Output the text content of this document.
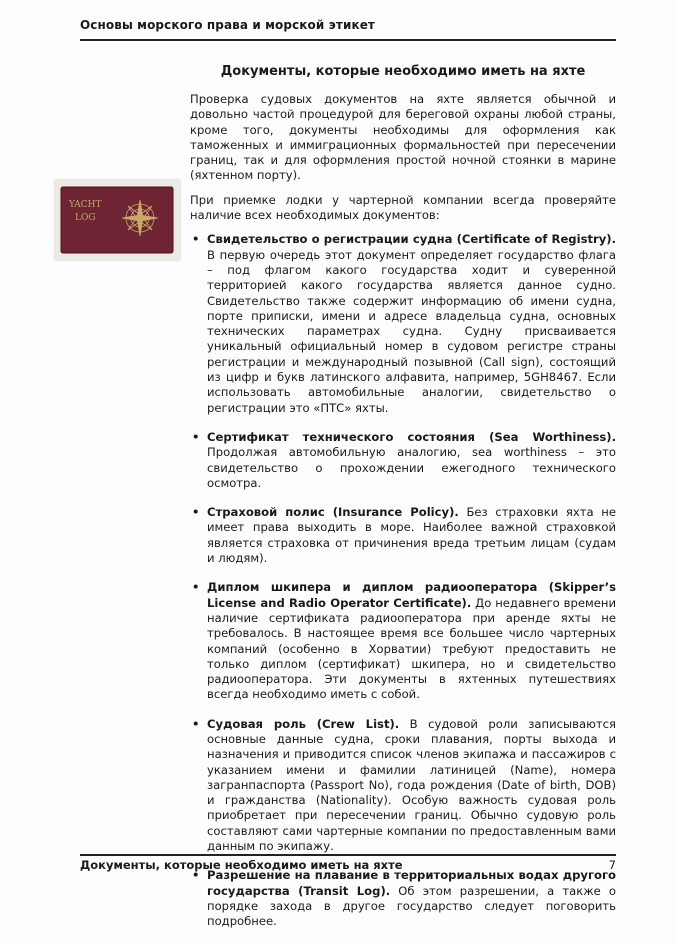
Основы морского права и морской этикет
Документы, которые необходимо иметь на яхте
YACHT
LOG

Проверка судовых документов на яхте является обычной и довольно частой процедурой для береговой охраны любой страны, кроме того, документы необходимы для оформления как таможенных и иммиграционных формальностей при пересечении границ, так и для оформления простой ночной стоянки в марине (яхтенном порту).

При приемке лодки у чартерной компании всегда проверяйте наличие всех необходимых документов:

• Свидетельство о регистрации судна (Certificate of Registry). В первую очередь этот документ определяет государство флага – под флагом какого государства ходит и суверенной территорией какого государства является данное судно. Свидетельство также содержит информацию об имени судна, порте приписки, имени и адресе владельца судна, основных технических параметрах судна. Судну присваивается уникальный официальный номер в судовом регистре страны регистрации и международный позывной (Call sign), состоящий из цифр и букв латинского алфавита, например, 5GH8467. Если использовать автомобильные аналогии, свидетельство о регистрации это «ПТС» яхты.
• Сертификат технического состояния (Sea Worthiness). Продолжая автомобильную аналогию, sea worthiness – это свидетельство о прохождении ежегодного технического осмотра.
• Страховой полис (Insurance Policy). Без страховки яхта не имеет права выходить в море. Наиболее важной страховкой является страховка от причинения вреда третьим лицам (судам и людям).
• Диплом шкипера и диплом радиооператора (Skipper’s License and Radio Operator Certificate). До недавнего времени наличие сертификата радиооператора при аренде яхты не требовалось. В настоящее время все большее число чартерных компаний (особенно в Хорватии) требуют предоставить не только диплом (сертификат) шкипера, но и свидетельство радиооператора. Эти документы в яхтенных путешествиях всегда необходимо иметь с собой.
• Судовая роль (Crew List). В судовой роли записываются основные данные судна, сроки плавания, порты выхода и назначения и приводится список членов экипажа и пассажиров с указанием имени и фамилии латиницей (Name), номера загранпаспорта (Passport No), года рождения (Date of birth, DOB) и гражданства (Nationality). Особую важность судовая роль приобретает при пересечении границ. Обычно судовую роль составляют сами чартерные компании по предоставленным вами данным по экипажу.
• Разрешение на плавание в территориальных водах другого государства (Transit Log). Об этом разрешении, а также о порядке захода в другое государство следует поговорить подробнее.
Документы, которые необходимо иметь на яхте	7
